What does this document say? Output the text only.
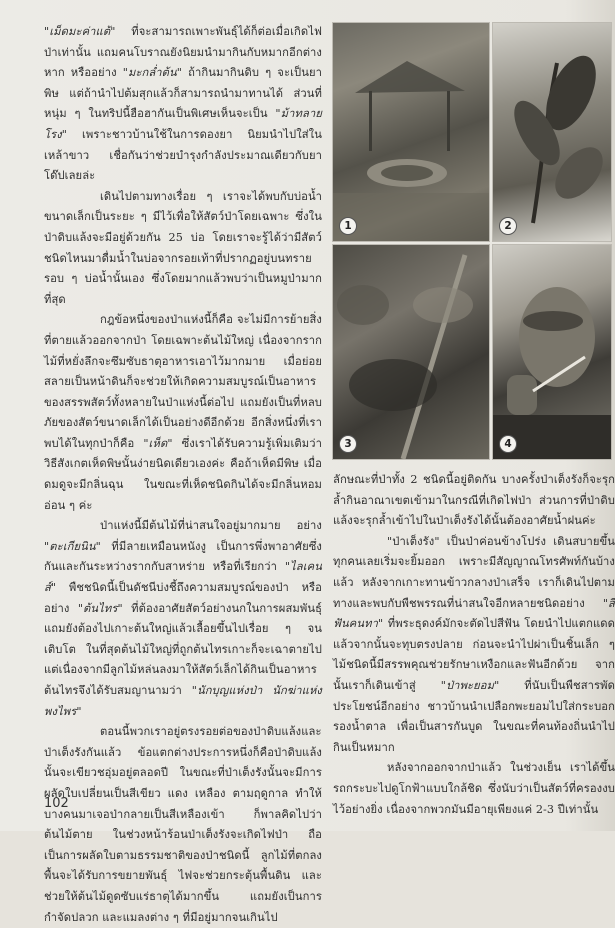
1	2
3	4

"เม็ดมะค่าแต้" ที่จะสามารถเพาะพันธุ์ได้ก็ต่อเมื่อเกิดไฟป่าเท่านั้น แถมคนโบราณยังนิยมนำมากินกับหมากอีกต่างหาก หรืออย่าง "มะกล่ำต้น" ถ้ากินมากินดิบ ๆ จะเป็นยาพิษ แต่ถ้านำไปต้มสุกแล้วก็สามารถนำมาทานได้ ส่วนที่หนุ่ม ๆ ในทริปนี้ฮือฮากันเป็นพิเศษเห็นจะเป็น "ม้าทลายโรง" เพราะชาวบ้านใช้ในการดองยา นิยมนำไปใส่ในเหล้าขาว เชื่อกันว่าช่วยบำรุงกำลังประมาณเดียวกับยาโด๊ปเลยล่ะ

เดินไปตามทางเรื่อย ๆ เราจะได้พบกับบ่อน้ำขนาดเล็กเป็นระยะ ๆ มีไว้เพื่อให้สัตว์ป่าโดยเฉพาะ ซึ่งในป่าดิบแล้งจะมีอยู่ด้วยกัน 25 บ่อ โดยเราจะรู้ได้ว่ามีสัตว์ชนิดไหนมาดื่มน้ำในบ่อจากรอยเท้าที่ปรากฏอยู่บนทรายรอบ ๆ บ่อน้ำนั้นเอง ซึ่งโดยมากแล้วพบว่าเป็นหมูป่ามากที่สุด

กฎข้อหนึ่งของป่าแห่งนี้ก็คือ จะไม่มีการย้ายสิ่งที่ตายแล้วออกจากป่า โดยเฉพาะต้นไม้ใหญ่ เนื่องจากรากไม้ที่หยั่งลึกจะซึมซับธาตุอาหารเอาไว้มากมาย เมื่อย่อยสลายเป็นหน้าดินก็จะช่วยให้เกิดความสมบูรณ์เป็นอาหารของสรรพสัตว์ทั้งหลายในป่าแห่งนี้ต่อไป แถมยังเป็นที่หลบภัยของสัตว์ขนาดเล็กได้เป็นอย่างดีอีกด้วย อีกสิ่งหนึ่งที่เราพบได้ในทุกป่าก็คือ "เห็ด" ซึ่งเราได้รับความรู้เพิ่มเติมว่า วิธีสังเกตเห็ดพิษนั้นง่ายนิดเดียวเองค่ะ คือถ้าเห็ดมีพิษ เมื่อดมดูจะมีกลิ่นฉุน ในขณะที่เห็ดชนิดกินได้จะมีกลิ่นหอมอ่อน ๆ ค่ะ

ป่าแห่งนี้มีต้นไม้ที่น่าสนใจอยู่มากมาย อย่าง "ตะเกียนิน" ที่มีลายเหมือนหนังงู เป็นการพึ่งพาอาศัยซึ่งกันและกันระหว่างรากกับสาหร่าย หรือที่เรียกว่า "ไลเคนส์" พืชชนิดนี้เป็นดัชนีบ่งชี้ถึงความสมบูรณ์ของป่า หรืออย่าง "ต้นไทร" ที่ต้องอาศัยสัตว์อย่างนกในการผสมพันธุ์ แถมยังต้องไปเกาะต้นใหญ่แล้วเลื้อยขึ้นไปเรื่อย ๆ จนเติบโต ในที่สุดต้นไม้ใหญ่ที่ถูกต้นไทรเกาะก็จะเฉาตายไป แต่เนื่องจากมีลูกไม้หล่นลงมาให้สัตว์เล็กได้กินเป็นอาหาร ต้นไทรจึงได้รับสมญานามว่า "นักบุญแห่งป่า นักฆ่าแห่งพงไพร"

ตอนนี้พวกเราอยู่ตรงรอยต่อของป่าดิบแล้งและป่าเต็งรังกันแล้ว ข้อแตกต่างประการหนึ่งก็คือป่าดิบแล้งนั้นจะเขียวชอุ่มอยู่ตลอดปี ในขณะที่ป่าเต็งรังนั้นจะมีการผลัดใบเปลี่ยนเป็นสีเขียว แดง เหลือง ตามฤดูกาล ทำให้บางคนมาเจอป่ากลายเป็นสีเหลืองเข้า ก็พาลคิดไปว่าต้นไม้ตาย ในช่วงหน้าร้อนป่าเต็งรังจะเกิดไฟป่า ถือเป็นการผลัดใบตามธรรมชาติของป่าชนิดนี้ ลูกไม้ที่ตกลงพื้นจะได้รับการขยายพันธุ์ ไฟจะช่วยกระตุ้นพื้นดิน และช่วยให้ต้นไม้ดูดซับแร่ธาตุได้มากขึ้น แถมยังเป็นการกำจัดปลวก และแมลงต่าง ๆ ที่มีอยู่มากจนเกินไป

ลักษณะที่ป่าทั้ง 2 ชนิดนี้อยู่ติดกัน บางครั้งป่าเต็งรังก็จะรุกล้ำกินอาณาเขตเข้ามาในกรณีที่เกิดไฟป่า ส่วนการที่ป่าดิบแล้งจะรุกล้ำเข้าไปในป่าเต็งรังได้นั้นต้องอาศัยน้ำฝนค่ะ

"ป่าเต็งรัง" เป็นป่าค่อนข้างโปร่ง เดินสบายขึ้นทุกคนเลยเริ่มจะยิ้มออก เพราะมีสัญญาณโทรศัพท์กันบ้างแล้ว หลังจากเกาะทานข้าวกลางป่าเสร็จ เราก็เดินไปตามทางและพบกับพืชพรรณที่น่าสนใจอีกหลายชนิดอย่าง "สีฟันคนทา" ที่พระธุดงค์มักจะตัดไปสีฟัน โดยนำไปแตกแดดแล้วจากนั้นจะทุบตรงปลาย ก่อนจะนำไปผ่าเป็นชิ้นเล็ก ๆ ไม้ชนิดนี้มีสรรพคุณช่วยรักษาเหงือกและฟันอีกด้วย จากนั้นเราก็เดินเข้าสู่ "ป่าพะยอม" ที่นับเป็นพืชสารพัดประโยชน์อีกอย่าง ชาวบ้านนำเปลือกพะยอมไปใส่กระบอกรองน้ำตาล เพื่อเป็นสารกันบูด ในขณะที่คนท้องถิ่นนำไปกินเป็นหมาก

หลังจากออกจากป่าแล้ว ในช่วงเย็น เราได้ขึ้นรถกระบะไปดูโกฟ้าแบบใกล้ชิด ซึ่งนับว่าเป็นสัตว์ที่ครองงบไว้อย่างยิ่ง เนื่องจากพวกมันมีอายุเพียงแค่ 2-3 ปีเท่านั้น

102
